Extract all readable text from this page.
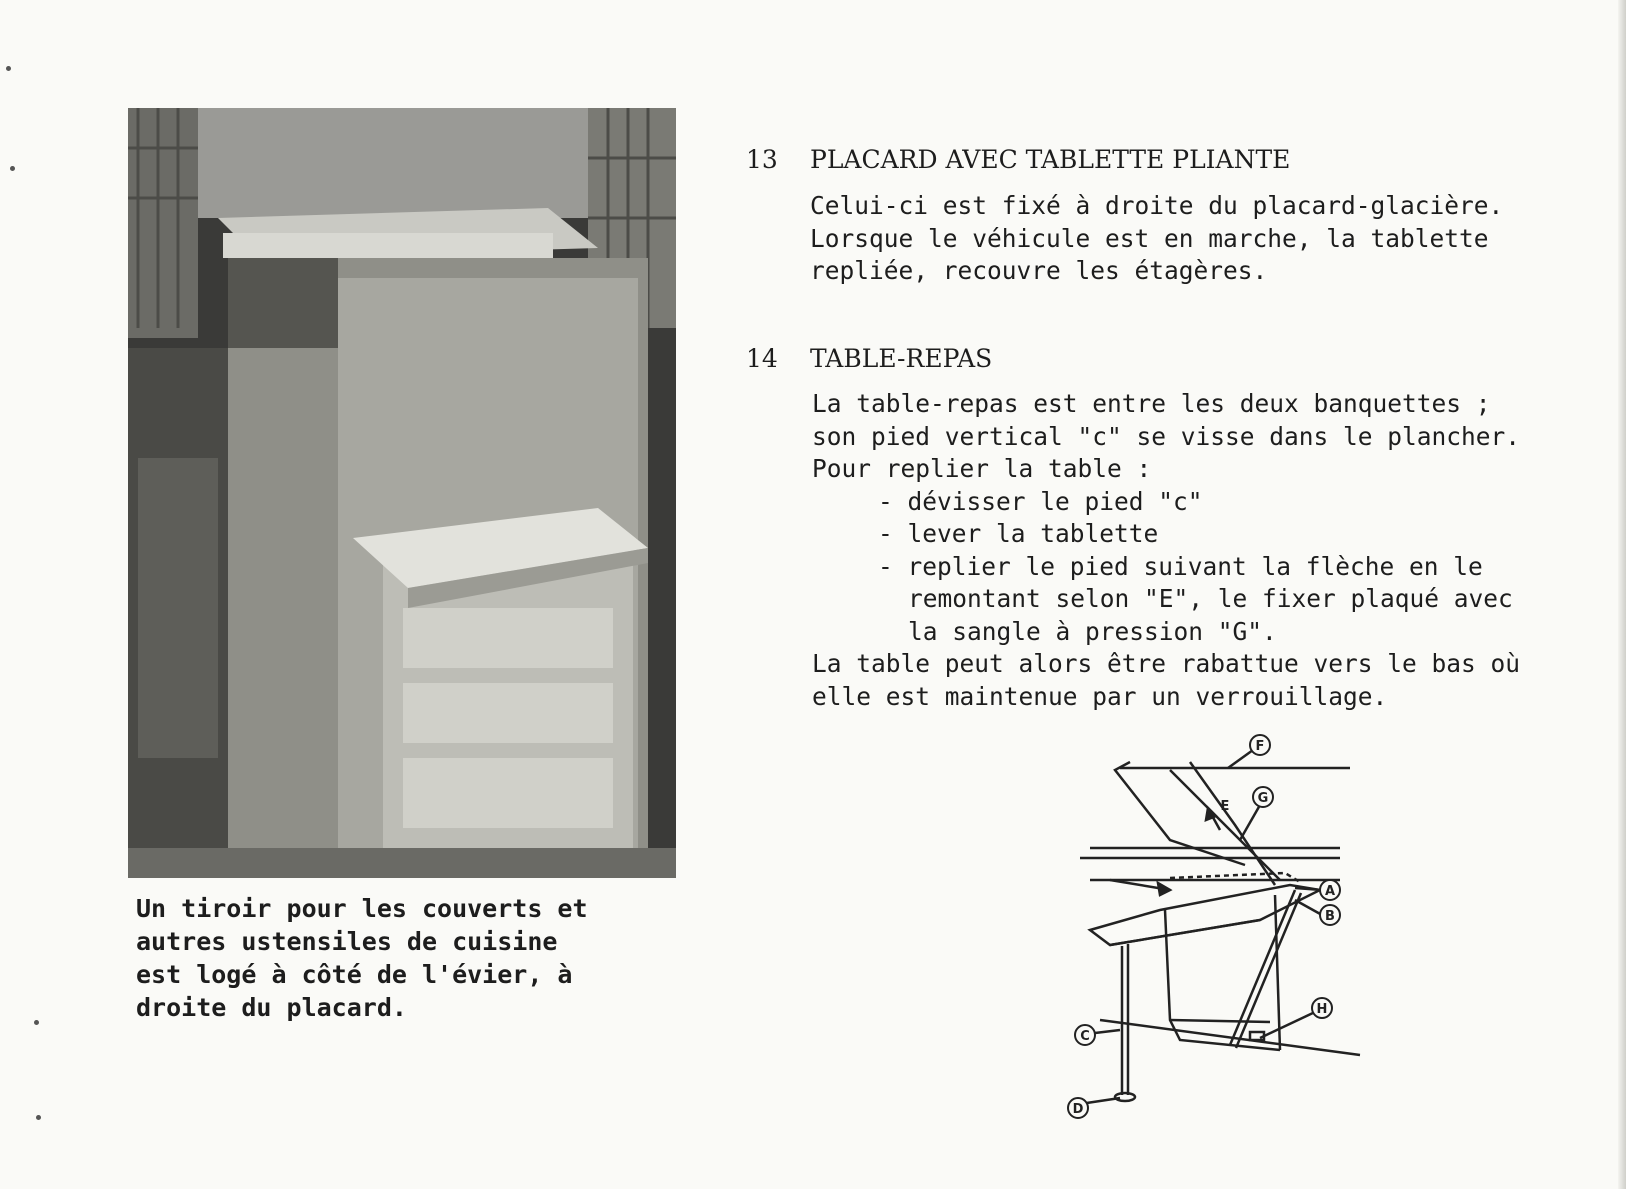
Un tiroir pour les couverts et
autres ustensiles de cuisine
est logé à côté de l'évier, à
droite du placard.
13 PLACARD AVEC TABLETTE PLIANTE
Celui-ci est fixé à droite du placard-glacière.
Lorsque le véhicule est en marche, la tablette
repliée, recouvre les étagères.
14 TABLE-REPAS
La table-repas est entre les deux banquettes ;
son pied vertical "c" se visse dans le plancher.
Pour replier la table :
- dévisser le pied "c"
- lever la tablette
- replier le pied suivant la flèche en le
remontant selon "E", le fixer plaqué avec
la sangle à pression "G".
La table peut alors être rabattue vers le bas où
elle est maintenue par un verrouillage.
F
G
A
B
H
C
D
E
